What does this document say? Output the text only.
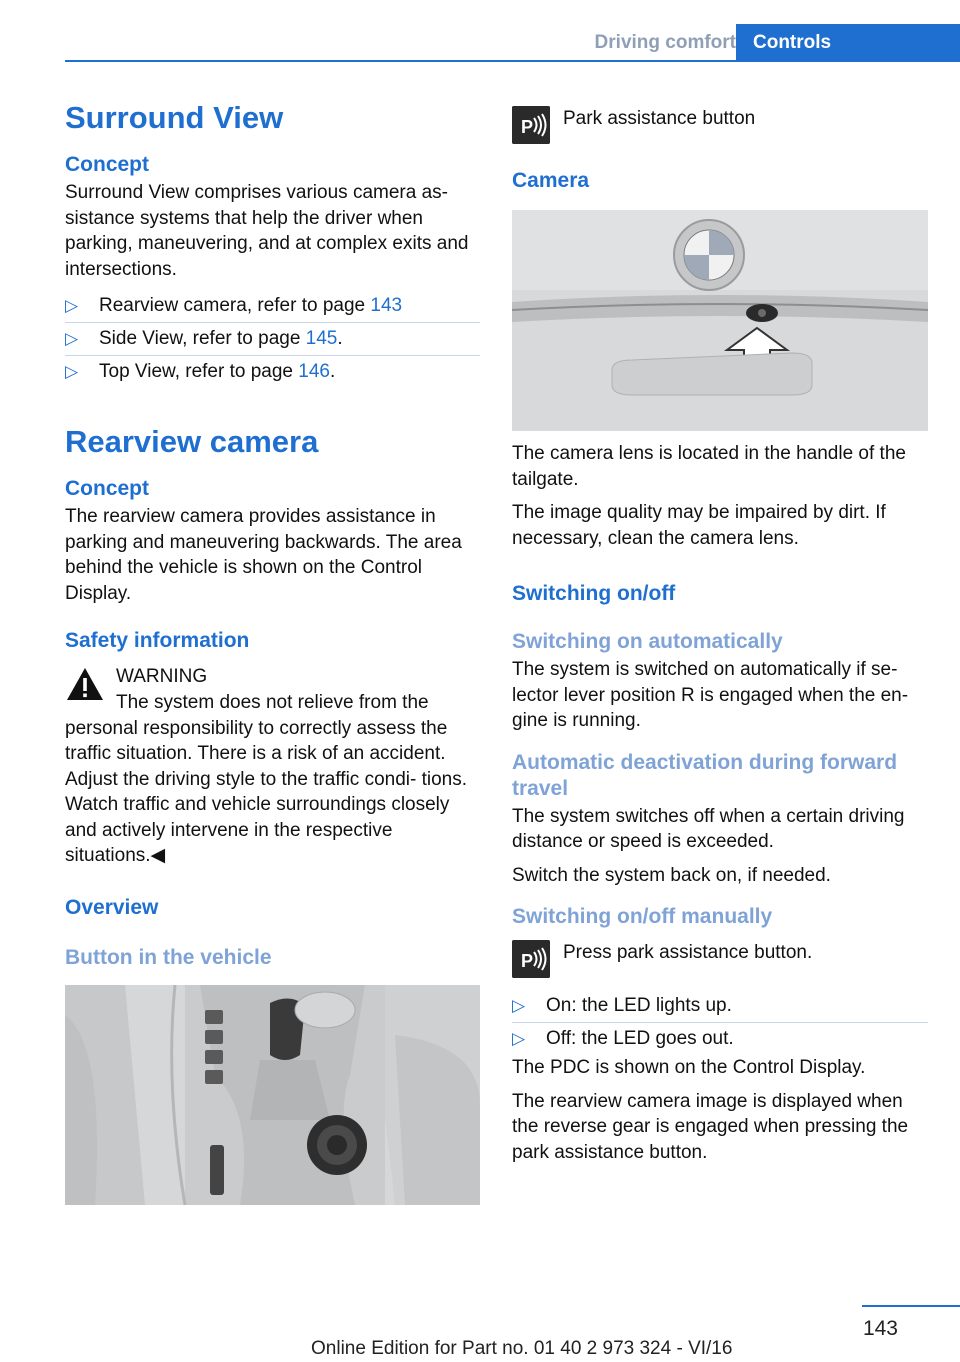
Driving comfort Controls
Surround View
Concept

Surround View comprises various camera as‐ sistance systems that help the driver when parking, maneuvering, and at complex exits and intersections.

▷ Rearview camera, refer to page 143
▷ Side View, refer to page 145.
▷ Top View, refer to page 146.
Rearview camera
Concept

The rearview camera provides assistance in parking and maneuvering backwards. The area behind the vehicle is shown on the Control Display.

Safety information
WARNING

The system does not relieve from the personal responsibility to correctly assess the traffic situation. There is a risk of an accident. Adjust the driving style to the traffic condi‐ tions. Watch traffic and vehicle surroundings closely and actively intervene in the respective situations.◀

Overview
Button in the vehicle
P Park assistance button
Camera

The camera lens is located in the handle of the tailgate.

The image quality may be impaired by dirt. If necessary, clean the camera lens.

Switching on/off
Switching on automatically

The system is switched on automatically if se‐ lector lever position R is engaged when the en‐ gine is running.

Automatic deactivation during forward travel

The system switches off when a certain driving distance or speed is exceeded.

Switch the system back on, if needed.

Switching on/off manually
P Press park assistance button.
▷ On: the LED lights up.
▷ Off: the LED goes out.

The PDC is shown on the Control Display.

The rearview camera image is displayed when the reverse gear is engaged when pressing the park assistance button.

143
Online Edition for Part no. 01 40 2 973 324 - VI/16
